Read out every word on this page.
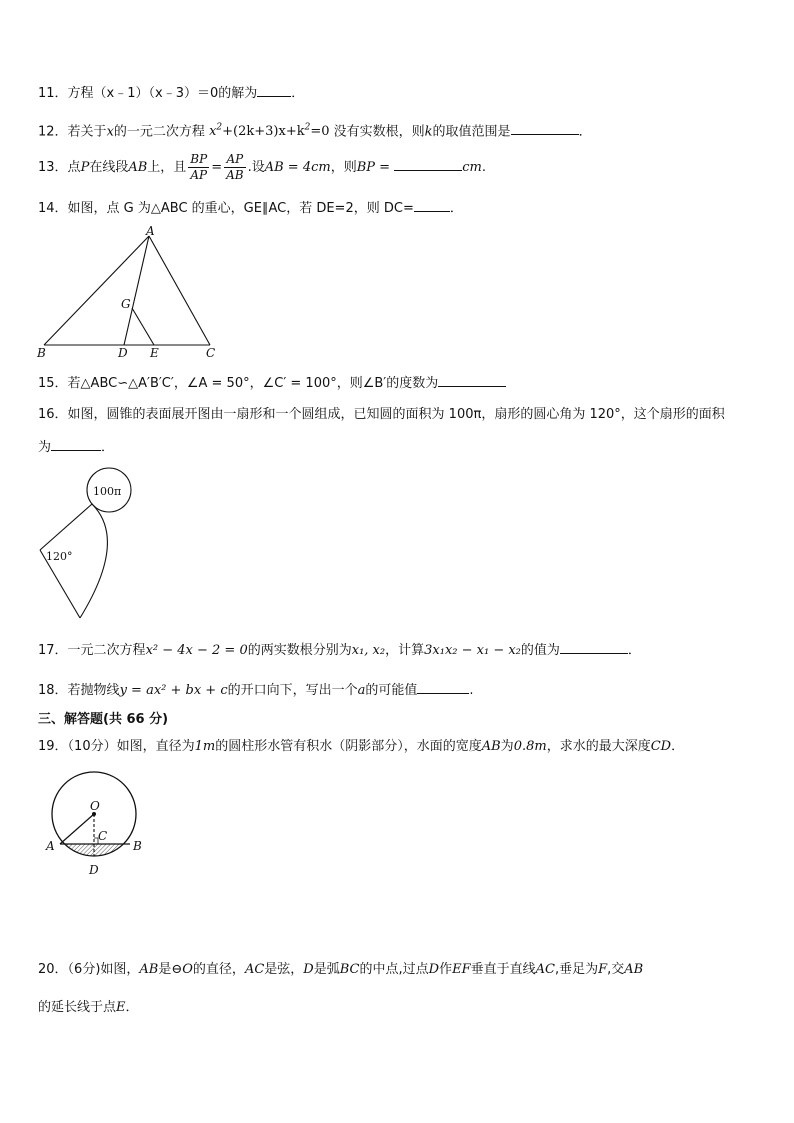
11．方程（x﹣1）（x﹣3）＝0的解为	．
12．若关于x的一元二次方程 $x^2+(2k+3)x+k^2=0$ 没有实数根，则k的取值范围是	．
13．点P在线段AB上，且 $\frac{BP}{AP} = \frac{AP}{AB}$ .设AB = 4cm，则BP =	cm.
14．如图，点 G 为△ABC 的重心，GE∥AC，若 DE=2，则 DC=	．
A
B	C
D E
G
15．若△ABC∽△A′B′C′，∠A = 50°，∠C′ = 100°，则∠B′的度数为
16．如图，圆锥的表面展开图由一扇形和一个圆组成，已知圆的面积为 100π，扇形的圆心角为 120°，这个扇形的面积
为	．
100π
120°
17．一元二次方程x² − 4x − 2 = 0的两实数根分别为x₁, x₂，计算3x₁x₂ − x₁ − x₂的值为	．
18．若抛物线y = ax² + bx + c的开口向下，写出一个a的可能值	.
三、解答题(共 66 分)
19．（10分）如图，直径为1m的圆柱形水管有积水（阴影部分），水面的宽度AB为0.8m，求水的最大深度CD．
O
C
A	B
D
20．（6分)如图，AB是⊖O的直径，AC是弦，D是弧BC的中点,过点D作EF垂直于直线AC,垂足为F,交AB
的延长线于点E．
